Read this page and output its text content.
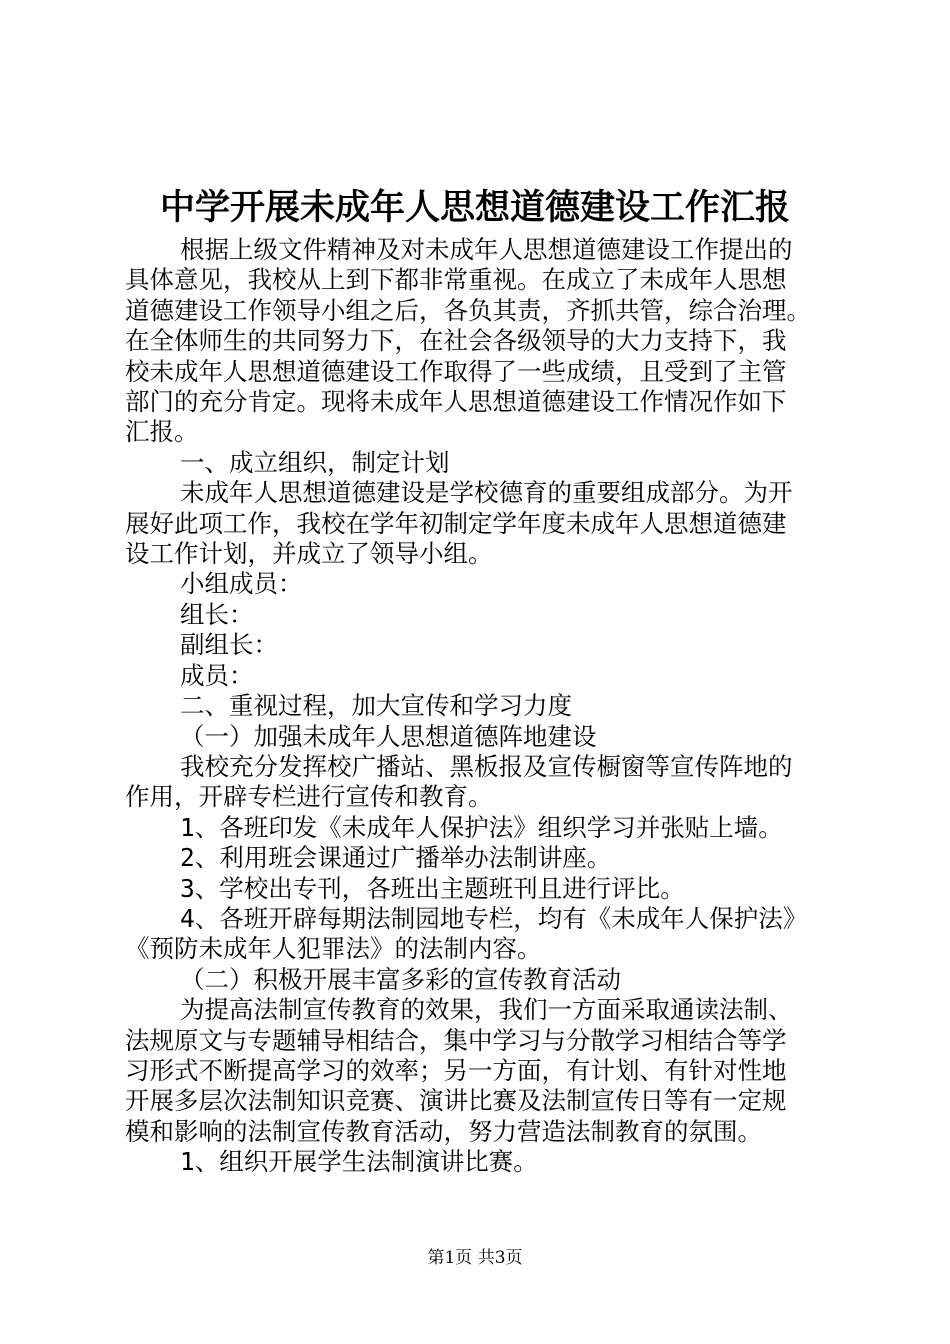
中学开展未成年人思想道德建设工作汇报

根据上级文件精神及对未成年人思想道德建设工作提出的

具体意见，我校从上到下都非常重视。在成立了未成年人思想

道德建设工作领导小组之后，各负其责，齐抓共管，综合治理。

在全体师生的共同努力下，在社会各级领导的大力支持下，我

校未成年人思想道德建设工作取得了一些成绩，且受到了主管

部门的充分肯定。现将未成年人思想道德建设工作情况作如下

汇报。

一、成立组织，制定计划

未成年人思想道德建设是学校德育的重要组成部分。为开

展好此项工作，我校在学年初制定学年度未成年人思想道德建

设工作计划，并成立了领导小组。

小组成员：

组长：

副组长：

成员：

二、重视过程，加大宣传和学习力度

（一）加强未成年人思想道德阵地建设

我校充分发挥校广播站、黑板报及宣传橱窗等宣传阵地的

作用，开辟专栏进行宣传和教育。

1、各班印发《未成年人保护法》组织学习并张贴上墙。

2、利用班会课通过广播举办法制讲座。

3、学校出专刊，各班出主题班刊且进行评比。

4、各班开辟每期法制园地专栏，均有《未成年人保护法》

《预防未成年人犯罪法》的法制内容。

（二）积极开展丰富多彩的宣传教育活动

为提高法制宣传教育的效果，我们一方面采取通读法制、

法规原文与专题辅导相结合，集中学习与分散学习相结合等学

习形式不断提高学习的效率；另一方面，有计划、有针对性地

开展多层次法制知识竞赛、演讲比赛及法制宣传日等有一定规

模和影响的法制宣传教育活动，努力营造法制教育的氛围。

1、组织开展学生法制演讲比赛。

第1页 共3页
